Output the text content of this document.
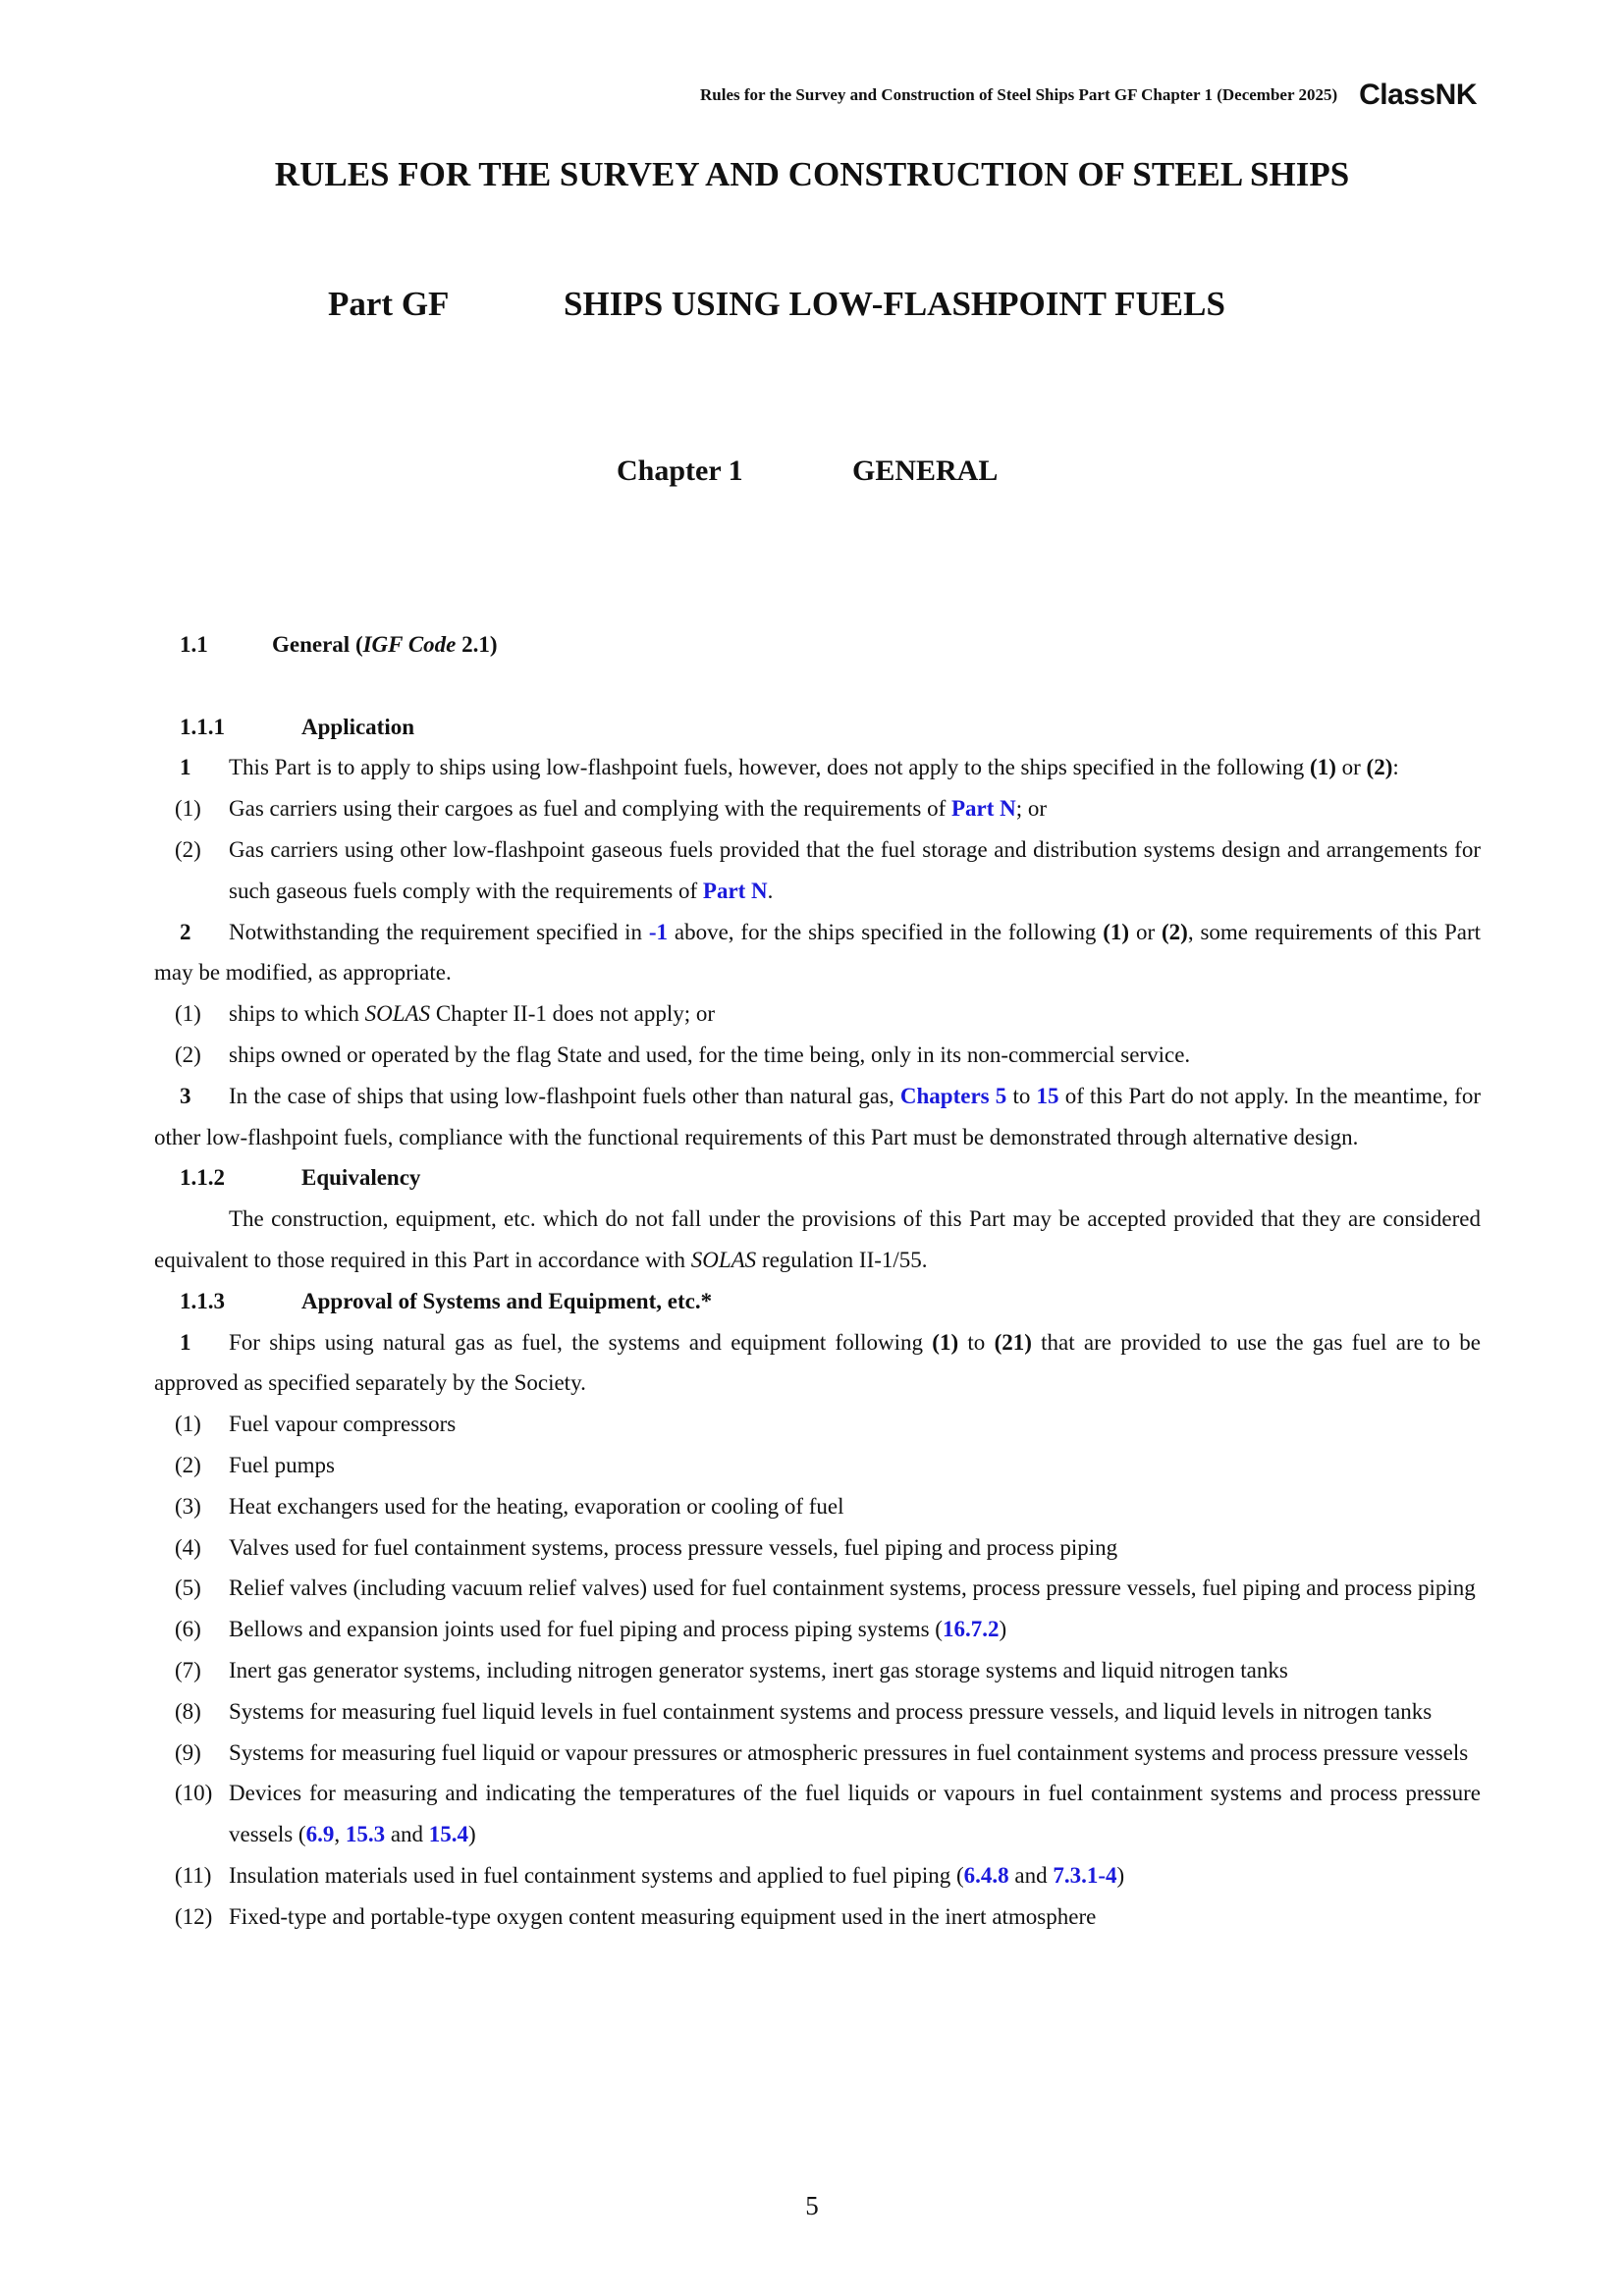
Rules for the Survey and Construction of Steel Ships Part GF Chapter 1 (December 2025) ClassNK
RULES FOR THE SURVEY AND CONSTRUCTION OF STEEL SHIPS
Part GF	SHIPS USING LOW-FLASHPOINT FUELS
Chapter 1	GENERAL
1.1	General (IGF Code 2.1)
1.1.1	Application
1 This Part is to apply to ships using low-flashpoint fuels, however, does not apply to the ships specified in the following (1) or (2):
(1)	Gas carriers using their cargoes as fuel and complying with the requirements of Part N; or
(2)	Gas carriers using other low-flashpoint gaseous fuels provided that the fuel storage and distribution systems design and arrangements for such gaseous fuels comply with the requirements of Part N.
2 Notwithstanding the requirement specified in -1 above, for the ships specified in the following (1) or (2), some requirements of this Part may be modified, as appropriate.
(1)	ships to which SOLAS Chapter II-1 does not apply; or
(2)	ships owned or operated by the flag State and used, for the time being, only in its non-commercial service.
3 In the case of ships that using low-flashpoint fuels other than natural gas, Chapters 5 to 15 of this Part do not apply. In the meantime, for other low-flashpoint fuels, compliance with the functional requirements of this Part must be demonstrated through alternative design.
1.1.2	Equivalency
The construction, equipment, etc. which do not fall under the provisions of this Part may be accepted provided that they are considered equivalent to those required in this Part in accordance with SOLAS regulation II-1/55.
1.1.3	Approval of Systems and Equipment, etc.*
1 For ships using natural gas as fuel, the systems and equipment following (1) to (21) that are provided to use the gas fuel are to be approved as specified separately by the Society.
(1)	Fuel vapour compressors
(2)	Fuel pumps
(3)	Heat exchangers used for the heating, evaporation or cooling of fuel
(4)	Valves used for fuel containment systems, process pressure vessels, fuel piping and process piping
(5)	Relief valves (including vacuum relief valves) used for fuel containment systems, process pressure vessels, fuel piping and process piping
(6)	Bellows and expansion joints used for fuel piping and process piping systems (16.7.2)
(7)	Inert gas generator systems, including nitrogen generator systems, inert gas storage systems and liquid nitrogen tanks
(8)	Systems for measuring fuel liquid levels in fuel containment systems and process pressure vessels, and liquid levels in nitrogen tanks
(9)	Systems for measuring fuel liquid or vapour pressures or atmospheric pressures in fuel containment systems and process pressure vessels
(10) Devices for measuring and indicating the temperatures of the fuel liquids or vapours in fuel containment systems and process pressure vessels (6.9, 15.3 and 15.4)
(11) Insulation materials used in fuel containment systems and applied to fuel piping (6.4.8 and 7.3.1-4)
(12) Fixed-type and portable-type oxygen content measuring equipment used in the inert atmosphere
5
